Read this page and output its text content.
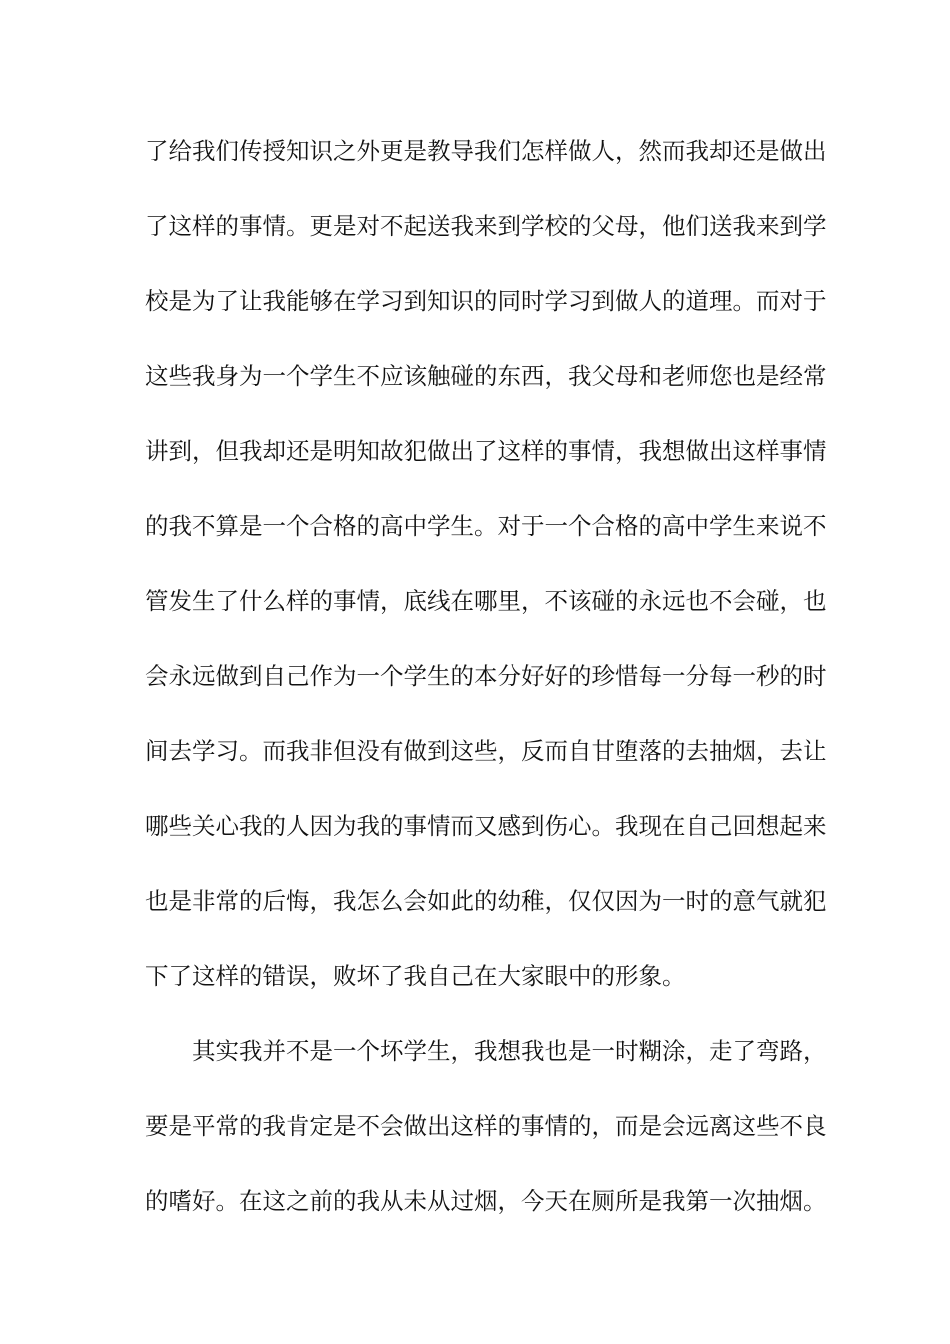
了给我们传授知识之外更是教导我们怎样做人，然而我却还是做出
了这样的事情。更是对不起送我来到学校的父母，他们送我来到学
校是为了让我能够在学习到知识的同时学习到做人的道理。而对于
这些我身为一个学生不应该触碰的东西，我父母和老师您也是经常
讲到，但我却还是明知故犯做出了这样的事情，我想做出这样事情
的我不算是一个合格的高中学生。对于一个合格的高中学生来说不
管发生了什么样的事情，底线在哪里，不该碰的永远也不会碰，也
会永远做到自己作为一个学生的本分好好的珍惜每一分每一秒的时
间去学习。而我非但没有做到这些，反而自甘堕落的去抽烟，去让
哪些关心我的人因为我的事情而又感到伤心。我现在自己回想起来
也是非常的后悔，我怎么会如此的幼稚，仅仅因为一时的意气就犯
下了这样的错误，败坏了我自己在大家眼中的形象。
其实我并不是一个坏学生，我想我也是一时糊涂，走了弯路，
要是平常的我肯定是不会做出这样的事情的，而是会远离这些不良
的嗜好。在这之前的我从未从过烟，今天在厕所是我第一次抽烟。
